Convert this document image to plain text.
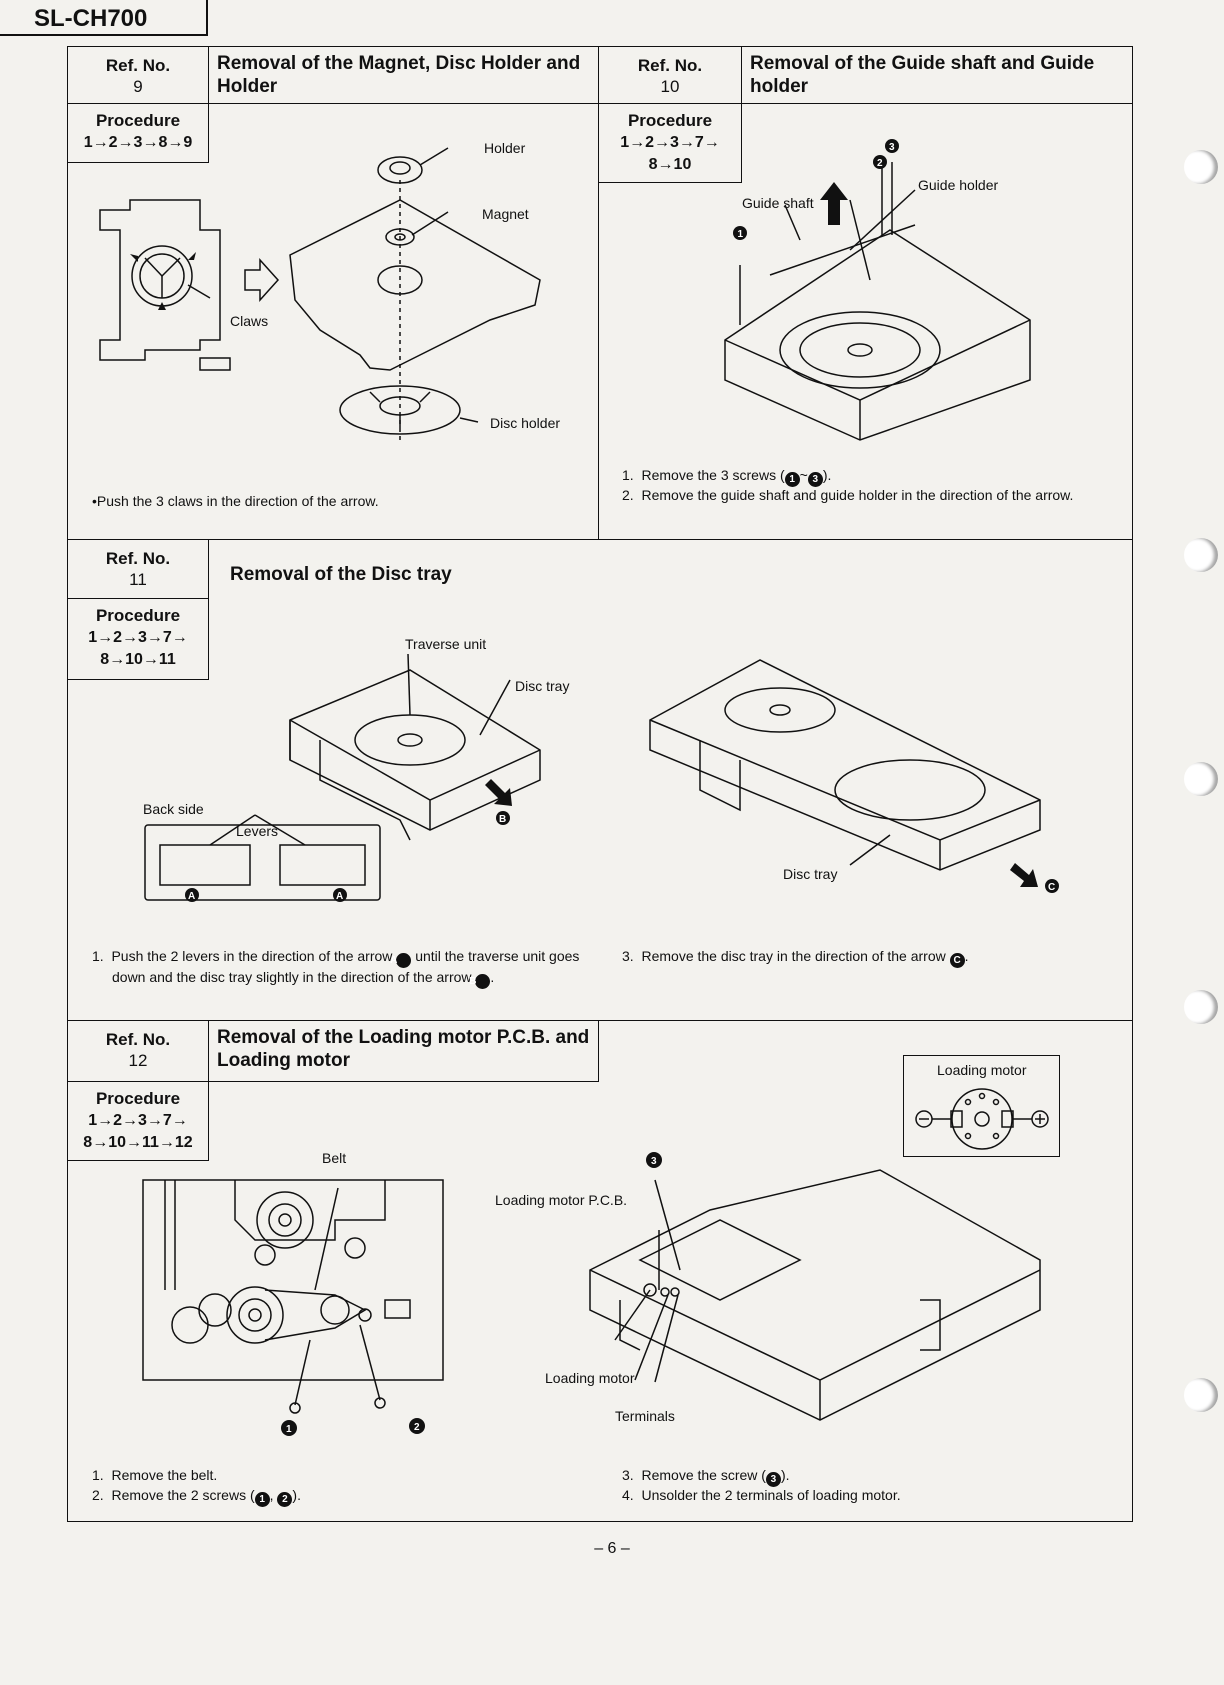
SL-CH700
Ref. No.
9
Removal of the Magnet, Disc Holder and Holder
Procedure
1→2→3→8→9	Holder
Magnet
Claws
Disc holder
•Push the 3 claws in the direction of the arrow.
Ref. No.
10
Removal of the Guide shaft and Guide holder
Procedure
1→2→3→7→
8→10
1
2
3
Guide shaft
Guide holder
1. Remove the 3 screws ( 1 ~ 3 ).
2. Remove the guide shaft and guide holder in the direction of the arrow.
Ref. No.
11	Removal of the Disc tray
Procedure
1→2→3→7→
8→10→11
B
A	A
Traverse unit
Disc tray
Back side
Levers
C
Disc tray
1. Push the 2 levers in the direction of the arrow A until the traverse unit goes down and the disc tray slightly in the direction of the arrow B .
3. Remove the disc tray in the direction of the arrow C .
Ref. No.
12
Removal of the Loading motor P.C.B. and Loading motor
Procedure
1→2→3→7→
8→10→11→12
1	2
Belt	3
Loading motor P.C.B.
Loading motor
Terminals
Loading motor
1. Remove the belt.
2. Remove the 2 screws ( 1 , 2 ).
3. Remove the screw ( 3 ).
4. Unsolder the 2 terminals of loading motor.
– 6 –
